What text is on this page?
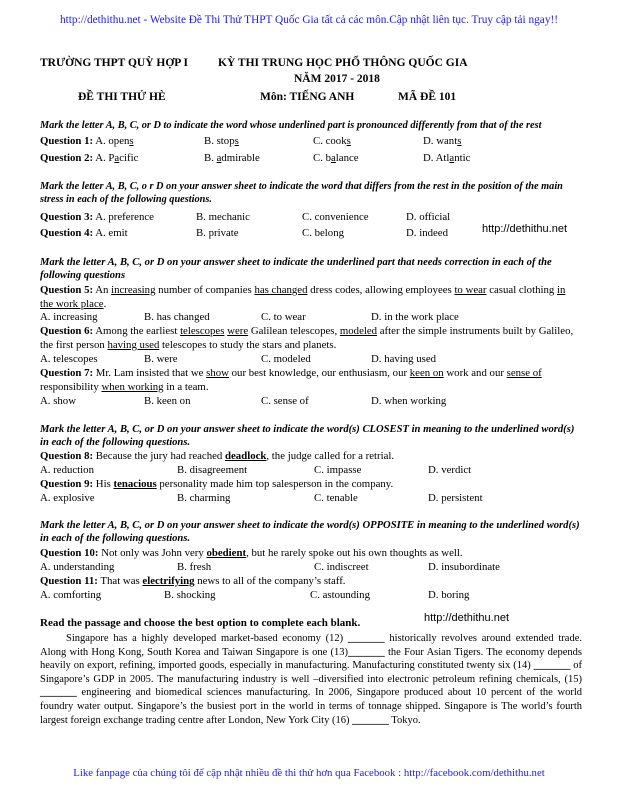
http://dethithu.net - Website Đề Thi Thử THPT Quốc Gia tất cả các môn.Cập nhật liên tục. Truy cập tải ngay!!
TRƯỜNG THPT QUỲ HỢP I	KỲ THI TRUNG HỌC PHỔ THÔNG QUỐC GIA
NĂM 2017 - 2018
ĐỀ THI THỬ HÈ	Môn: TIẾNG ANH	MÃ ĐỀ 101
Mark the letter A, B, C, or D to indicate the word whose underlined part is pronounced differently from that of the rest
Question 1: A. opens	B. stops	C. cooks	D. wants
Question 2: A. Pacific	B. admirable	C. balance	D. Atlantic
Mark the letter A, B, C, o r D on your answer sheet to indicate the word that differs from the rest in the position of the main stress in each of the following questions.
Question 3: A. preference	B. mechanic	C. convenience	D. official
Question 4: A. emit	B. private	C. belong	D. indeed	http://dethithu.net
Mark the letter A, B, C, or D on your answer sheet to indicate the underlined part that needs correction in each of the following questions
Question 5: An increasing number of companies has changed dress codes, allowing employees to wear casual clothing in the work place.
A. increasing	B. has changed	C. to wear	D. in the work place
Question 6: Among the earliest telescopes were Galilean telescopes, modeled after the simple instruments built by Galileo, the first person having used telescopes to study the stars and planets.
A. telescopes	B. were	C. modeled	D. having used
Question 7: Mr. Lam insisted that we show our best knowledge, our enthusiasm, our keen on work and our sense of responsibility when working in a team.
A. show	B. keen on	C. sense of	D. when working
Mark the letter A, B, C, or D on your answer sheet to indicate the word(s) CLOSEST in meaning to the underlined word(s) in each of the following questions.
Question 8: Because the jury had reached deadlock, the judge called for a retrial.
A. reduction	B. disagreement	C. impasse	D. verdict
Question 9: His tenacious personality made him top salesperson in the company.
A. explosive	B. charming	C. tenable	D. persistent
Mark the letter A, B, C, or D on your answer sheet to indicate the word(s) OPPOSITE in meaning to the underlined word(s) in each of the following questions.
Question 10: Not only was John very obedient, but he rarely spoke out his own thoughts as well.
A. understanding	B. fresh	C. indiscreet	D. insubordinate
Question 11: That was electrifying news to all of the company’s staff.
A. comforting	B. shocking	C. astounding	D. boring
Read the passage and choose the best option to complete each blank.	http://dethithu.net
Singapore has a highly developed market-based economy (12) _______ historically revolves around extended trade. Along with Hong Kong, South Korea and Taiwan Singapore is one (13)_______ the Four Asian Tigers. The economy depends heavily on export, refining, imported goods, especially in manufacturing. Manufacturing constituted twenty six (14) _______ of Singapore’s GDP in 2005. The manufacturing industry is well –diversified into electronic petroleum refining chemicals, (15) _______ engineering and biomedical sciences manufacturing. In 2006, Singapore produced about 10 percent of the world foundry water output. Singapore’s the busiest port in the world in terms of tonnage shipped. Singapore is The world’s fourth largest foreign exchange trading centre after London, New York City (16) _______ Tokyo.
Like fanpage của chúng tôi để cập nhật nhiều đề thi thử hơn qua Facebook : http://facebook.com/dethithu.net
